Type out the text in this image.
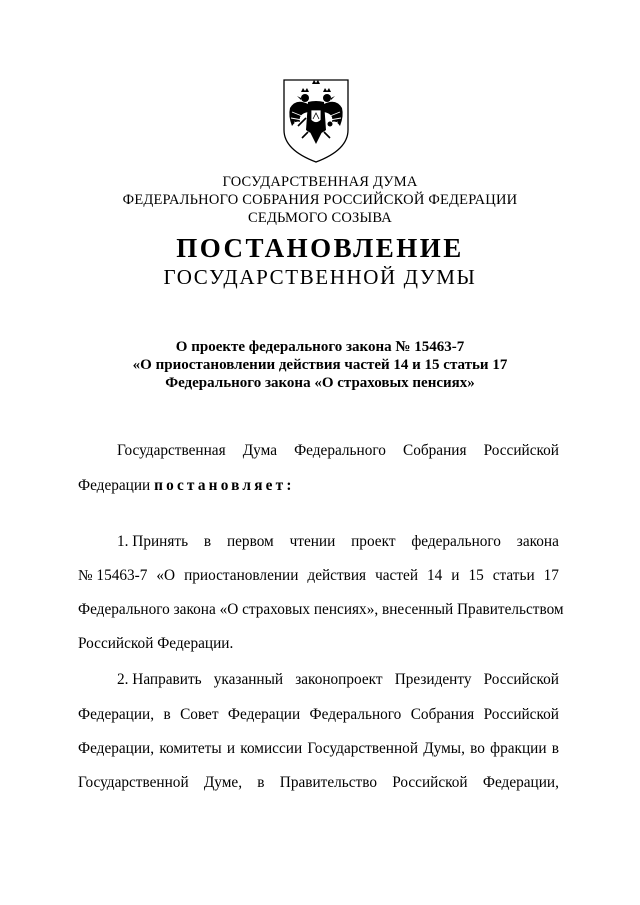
ГОСУДАРСТВЕННАЯ ДУМА
ФЕДЕРАЛЬНОГО СОБРАНИЯ РОССИЙСКОЙ ФЕДЕРАЦИИ
СЕДЬМОГО СОЗЫВА
ПОСТАНОВЛЕНИЕ
ГОСУДАРСТВЕННОЙ ДУМЫ
О проекте федерального закона № 15463-7
«О приостановлении действия частей 14 и 15 статьи 17
Федерального закона «О страховых пенсиях»
Государственная Дума Федерального Собрания Российской
Федерации постановляет:
1. Принять в первом чтении проект федерального закона
№ 15463-7 «О приостановлении действия частей 14 и 15 статьи 17
Федерального закона «О страховых пенсиях», внесенный Правительством
Российской Федерации.
2. Направить указанный законопроект Президенту Российской
Федерации, в Совет Федерации Федерального Собрания Российской
Федерации, комитеты и комиссии Государственной Думы, во фракции в
Государственной Думе, в Правительство Российской Федерации,
